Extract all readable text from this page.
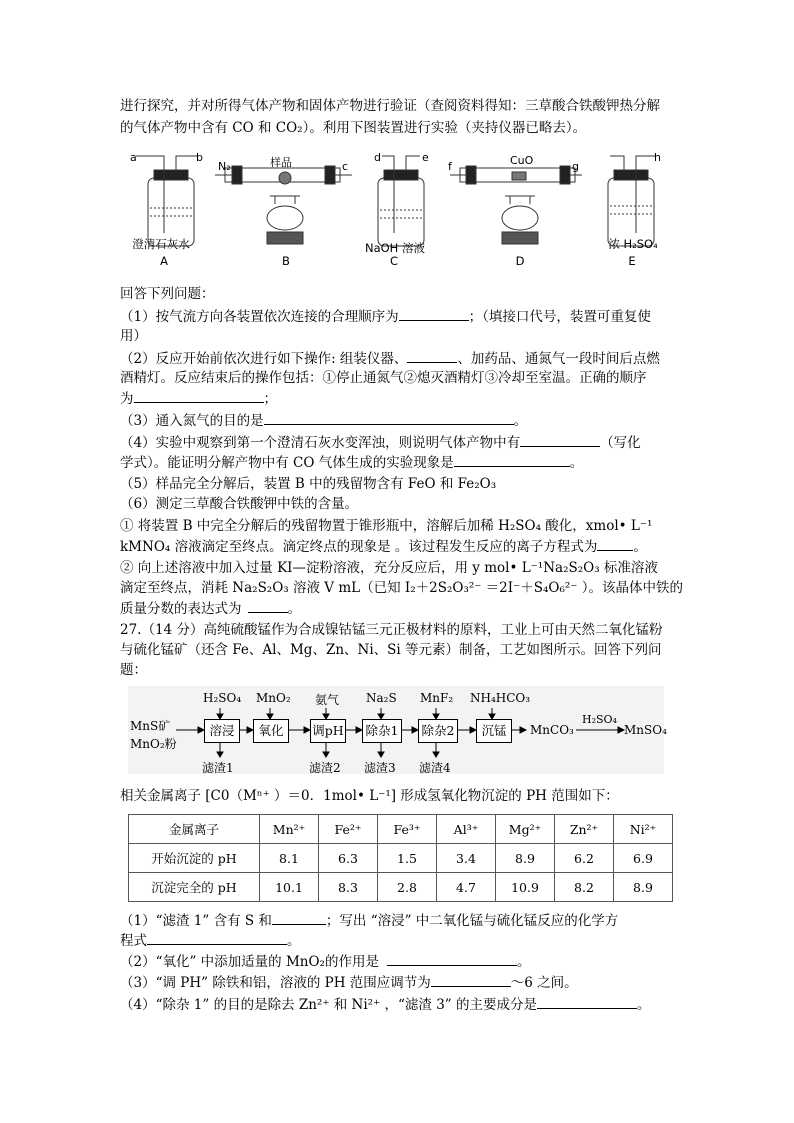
进行探究，并对所得气体产物和固体产物进行验证（查阅资料得知：三草酸合铁酸钾热分解
的气体产物中含有 CO 和 CO₂）。利用下图装置进行实验（夹持仪器已略去）。
a	b
N₂	样品	c
d	e
f	CuO	g
h
澄清石灰水	NaOH 溶液	浓 H₂SO₄
A	B	C	D	E
回答下列问题：
（1）按气流方向各装置依次连接的合理顺序为	；（填接口代号，装置可重复使
用）
（2）反应开始前依次进行如下操作: 组装仪器、	、加药品、通氮气一段时间后点燃
酒精灯。反应结束后的操作包括：①停止通氮气②熄灭酒精灯③冷却至室温。正确的顺序
为	；
（3）通入氮气的目的是	。
（4）实验中观察到第一个澄清石灰水变浑浊，则说明气体产物中有	（写化
学式）。能证明分解产物中有 CO 气体生成的实验现象是	。
（5）样品完全分解后，装置 B 中的残留物含有 FeO 和 Fe₂O₃
（6）测定三草酸合铁酸钾中铁的含量。
① 将装置 B 中完全分解后的残留物置于锥形瓶中，溶解后加稀 H₂SO₄ 酸化，xmol• L⁻¹
kMNO₄ 溶液滴定至终点。滴定终点的现象是 。该过程发生反应的离子方程式为	。
② 向上述溶液中加入过量 KI—淀粉溶液，充分反应后，用 y mol• L⁻¹Na₂S₂O₃ 标准溶液
滴定至终点，消耗 Na₂S₂O₃ 溶液 V mL（已知 I₂＋2S₂O₃²⁻ ＝2I⁻＋S₄O₆²⁻ ）。该晶体中铁的
质量分数的表达式为	。
27.（14 分）高纯硫酸锰作为合成镍钴锰三元正极材料的原料，工业上可由天然二氧化锰粉
与硫化锰矿（还含 Fe、Al、Mg、Zn、Ni、Si 等元素）制备，工艺如图所示。回答下列问
题：
MnS矿
MnO₂粉
溶浸	氧化	调pH 除杂1 除杂2	沉锰
H₂SO₄ MnO₂ 氨气 Na₂S MnF₂ NH₄HCO₃
滤渣1	滤渣2 滤渣3 滤渣4
MnCO₃
H₂SO₄
MnSO₄
相关金属离子 [C0（Mⁿ⁺ ）＝0．1mol• L⁻¹] 形成氢氧化物沉淀的 PH 范围如下：
金属离子	Mn²⁺	Fe²⁺	Fe³⁺	Al³⁺	Mg²⁺	Zn²⁺	Ni²⁺
开始沉淀的 pH	8.1	6.3	1.5	3.4	8.9	6.2	6.9
沉淀完全的 pH	10.1	8.3	2.8	4.7	10.9	8.2	8.9
（1）“滤渣 1” 含有 S 和	；写出 “溶浸” 中二氧化锰与硫化锰反应的化学方
程式	。
（2）“氧化” 中添加适量的 MnO₂的作用是	。
（3）“调 PH” 除铁和铝，溶液的 PH 范围应调节为	～6 之间。
（4）“除杂 1” 的目的是除去 Zn²⁺ 和 Ni²⁺ ，“滤渣 3” 的主要成分是	。
